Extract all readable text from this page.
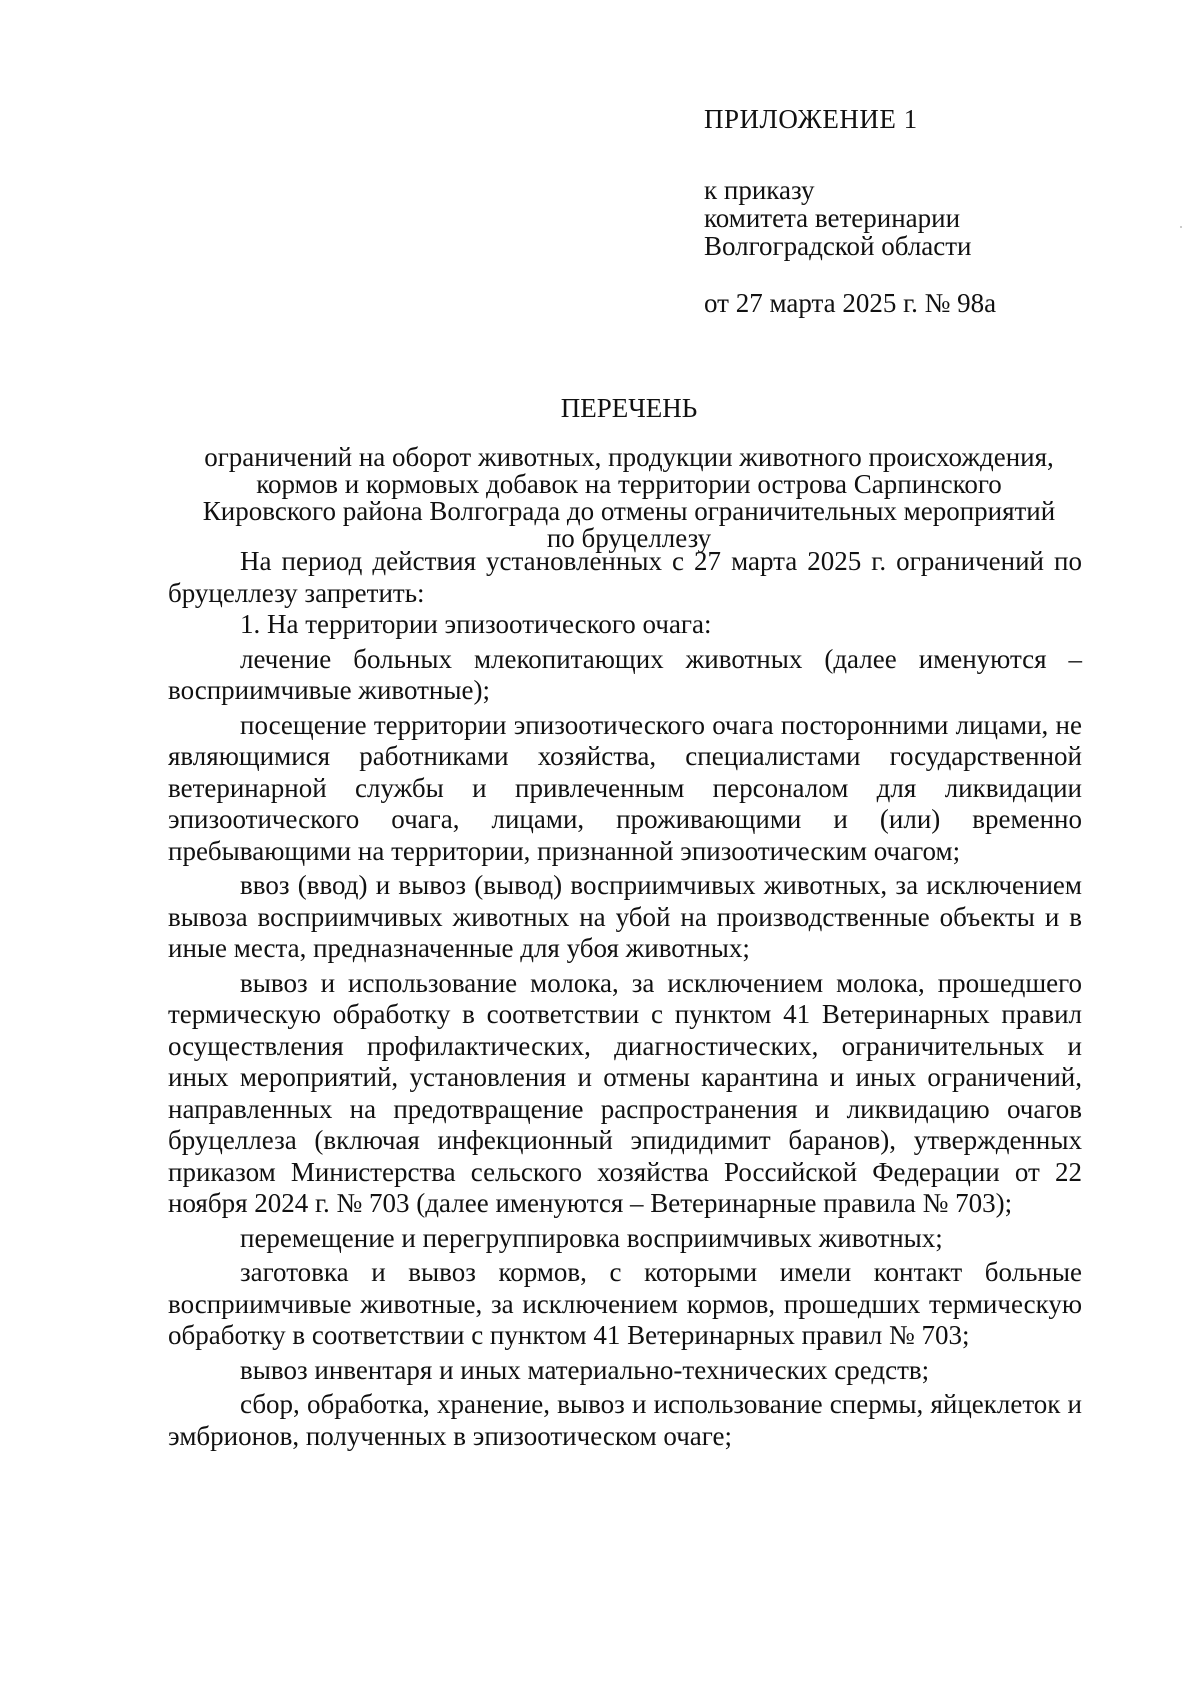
ПРИЛОЖЕНИЕ 1
к приказу
комитета ветеринарии
Волгоградской области
от 27 марта 2025 г. № 98а
ПЕРЕЧЕНЬ
ограничений на оборот животных, продукции животного происхождения,
кормов и кормовых добавок на территории острова Сарпинского
Кировского района Волгограда до отмены ограничительных мероприятий
по бруцеллезу

На период действия установленных с 27 марта 2025 г. ограничений по бруцеллезу запретить:

1. На территории эпизоотического очага:

лечение больных млекопитающих животных (далее именуются – восприимчивые животные);

посещение территории эпизоотического очага посторонними лицами, не являющимися работниками хозяйства, специалистами государственной ветеринарной службы и привлеченным персоналом для ликвидации эпизоотического очага, лицами, проживающими и (или) временно пребывающими на территории, признанной эпизоотическим очагом;

ввоз (ввод) и вывоз (вывод) восприимчивых животных, за исключением вывоза восприимчивых животных на убой на производственные объекты и в иные места, предназначенные для убоя животных;

вывоз и использование молока, за исключением молока, прошедшего термическую обработку в соответствии с пунктом 41 Ветеринарных правил осуществления профилактических, диагностических, ограничительных и иных мероприятий, установления и отмены карантина и иных ограничений, направленных на предотвращение распространения и ликвидацию очагов бруцеллеза (включая инфекционный эпидидимит баранов), утвержденных приказом Министерства сельского хозяйства Российской Федерации от 22 ноября 2024 г. № 703 (далее именуются – Ветеринарные правила № 703);

перемещение и перегруппировка восприимчивых животных;

заготовка и вывоз кормов, с которыми имели контакт больные восприимчивые животные, за исключением кормов, прошедших термическую обработку в соответствии с пунктом 41 Ветеринарных правил № 703;

вывоз инвентаря и иных материально-технических средств;

сбор, обработка, хранение, вывоз и использование спермы, яйцеклеток и эмбрионов, полученных в эпизоотическом очаге;
